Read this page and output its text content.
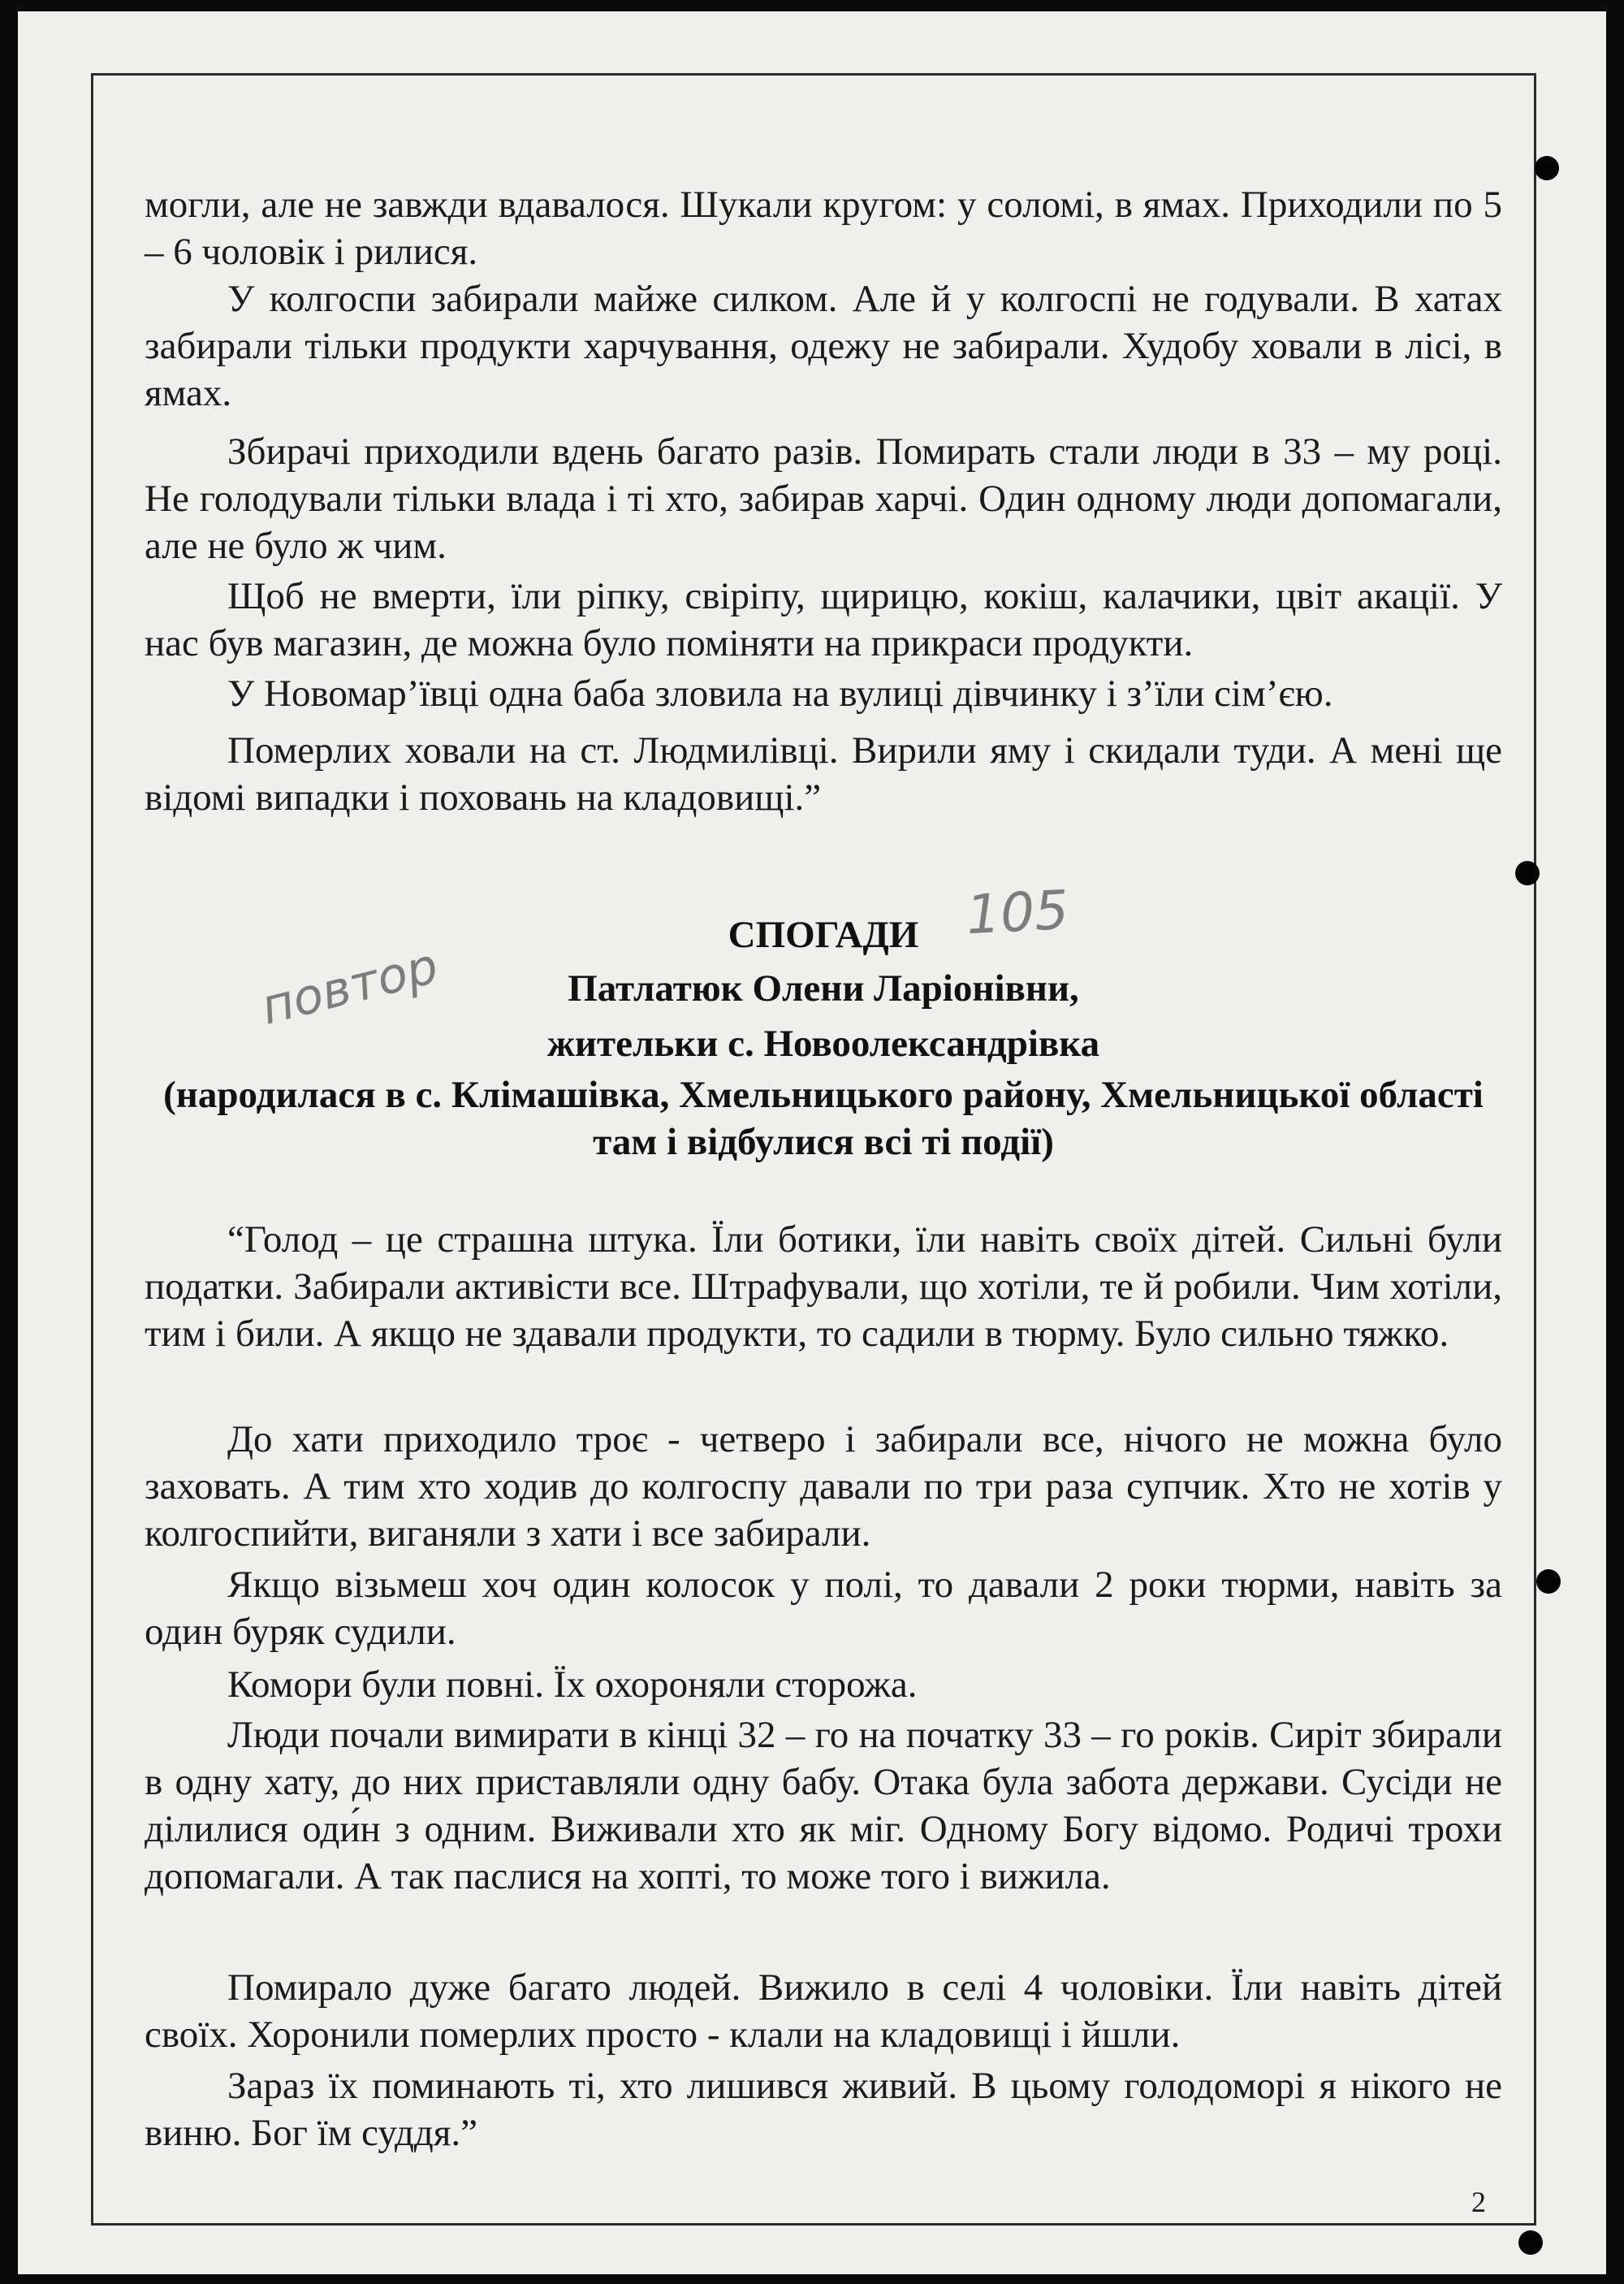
могли, але не завжди вдавалося. Шукали кругом: у соломі, в ямах. Приходили по 5 – 6 чоловік і рилися.

У колгоспи забирали майже силком. Але й у колгоспі не годували. В хатах забирали тільки продукти харчування, одежу не забирали. Худобу ховали в лісі, в ямах.

Збирачі приходили вдень багато разів. Помирать стали люди в 33 – му році. Не голодували тільки влада і ті хто, забирав харчі. Один одному люди допомагали, але не було ж чим.

Щоб не вмерти, їли ріпку, свіріпу, щирицю, кокіш, калачики, цвіт акації. У нас був магазин, де можна було поміняти на прикраси продукти.

У Новомар’ївці одна баба зловила на вулиці дівчинку і з’їли сім’єю.

Померлих ховали на ст. Людмилівці. Вирили яму і скидали туди. А мені ще відомі випадки і поховань на кладовищі.”

105
повтор

СПОГАДИ

Патлатюк Олени Ларіонівни,

жительки с. Новоолександрівка

(народилася в с. Клімашівка, Хмельницького району, Хмельницької області там і відбулися всі ті події)

“Голод – це страшна штука. Їли ботики, їли навіть своїх дітей. Сильні були податки. Забирали активісти все. Штрафували, що хотіли, те й робили. Чим хотіли, тим і били. А якщо не здавали продукти, то садили в тюрму. Було сильно тяжко.

До хати приходило троє - четверо і забирали все, нічого не можна було заховать. А тим хто ходив до колгоспу давали по три раза супчик. Хто не хотів у колгоспийти, виганяли з хати і все забирали.

Якщо візьмеш хоч один колосок у полі, то давали 2 роки тюрми, навіть за один буряк судили.

Комори були повні. Їх охороняли сторожа.

Люди почали вимирати в кінці 32 – го на початку 33 – го років. Сиріт збирали в одну хату, до них приставляли одну бабу. Отака була забота держави. Сусіди не ділилися оди́н з одним. Виживали хто як міг. Одному Богу відомо. Родичі трохи допомагали. А так паслися на хопті, то може того і вижила.

Помирало дуже багато людей. Вижило в селі 4 чоловіки. Їли навіть дітей своїх. Хоронили померлих просто - клали на кладовищі і йшли.

Зараз їх поминають ті, хто лишився живий. В цьому голодоморі я нікого не виню. Бог їм суддя.”

2
